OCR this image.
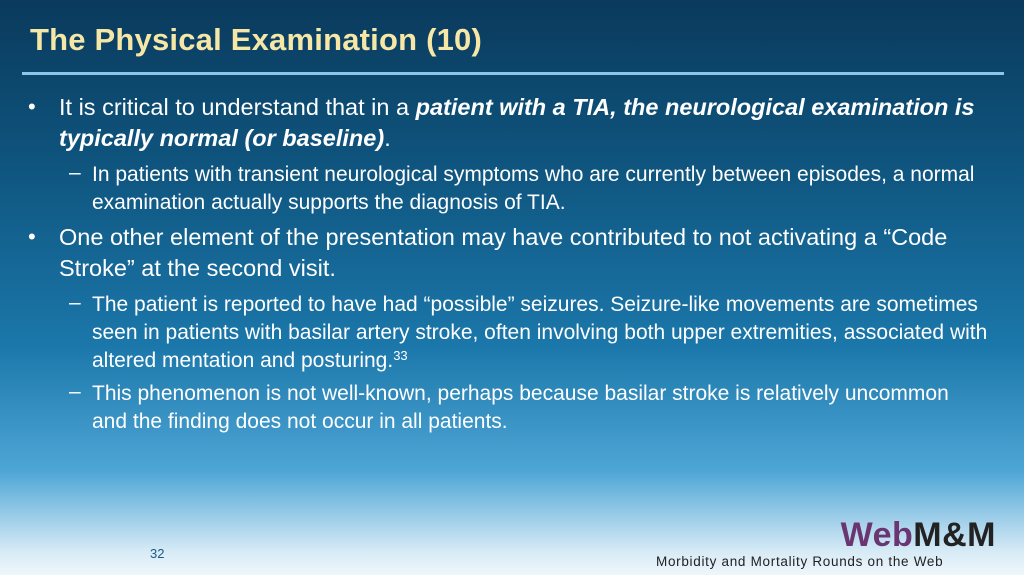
The Physical Examination (10)
• It is critical to understand that in a patient with a TIA, the neurological examination is typically normal (or baseline).
– In patients with transient neurological symptoms who are currently between episodes, a normal examination actually supports the diagnosis of TIA.
• One other element of the presentation may have contributed to not activating a “Code Stroke” at the second visit.
– The patient is reported to have had “possible” seizures. Seizure-like movements are sometimes seen in patients with basilar artery stroke, often involving both upper extremities, associated with altered mentation and posturing.$^{33}$
– This phenomenon is not well-known, perhaps because basilar stroke is relatively uncommon and the finding does not occur in all patients.
32	WebM&M
Morbidity and Mortality Rounds on the Web
